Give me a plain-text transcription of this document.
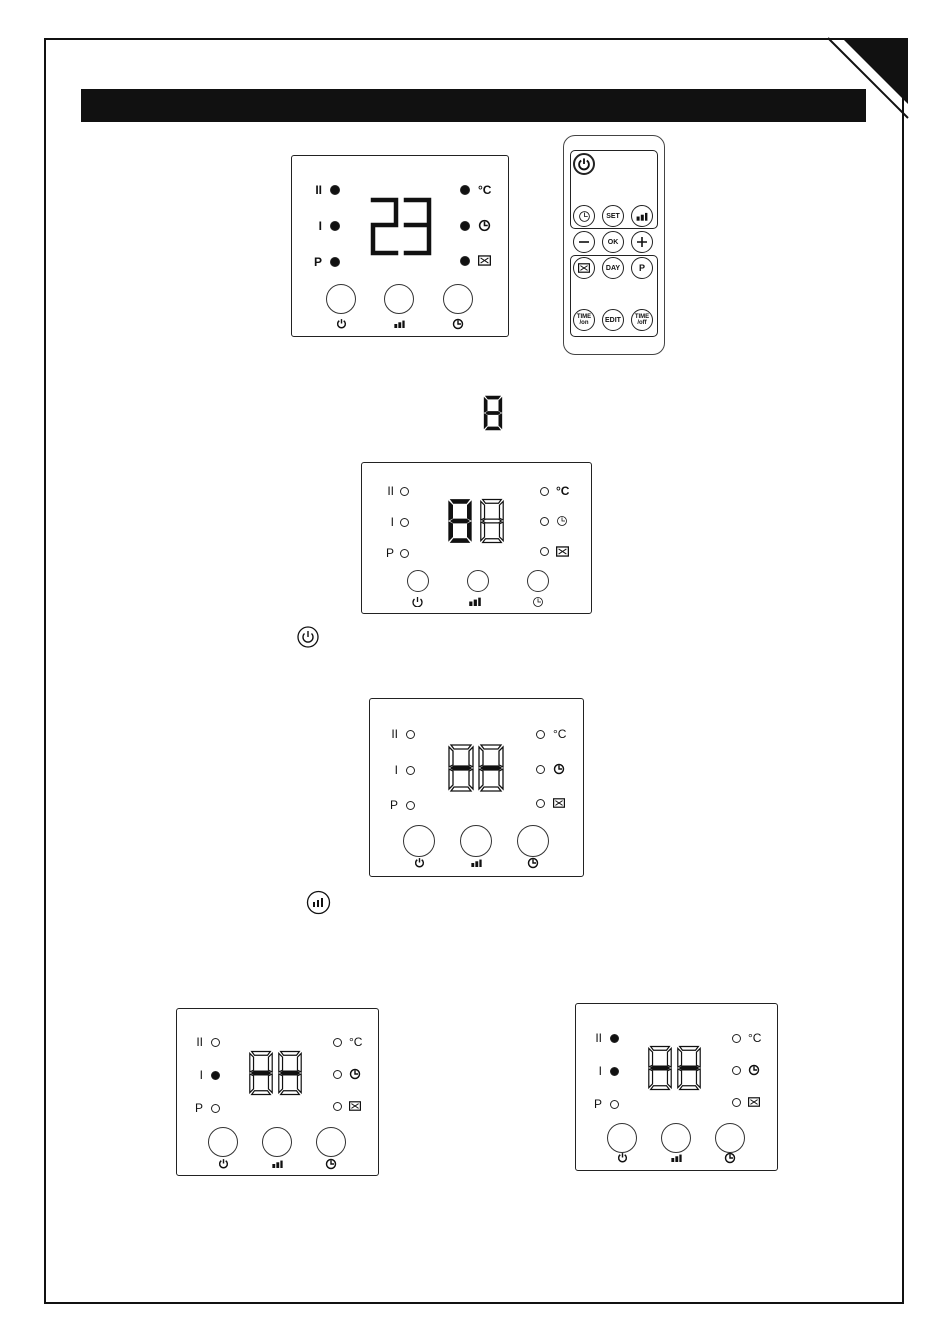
II
I
P
°C
SET
OK
DAY P
TIME
/on EDIT TIME
/off
II
I
P
°C
II
I
P
°C
II
I
P
°C	II
I
P
°C
